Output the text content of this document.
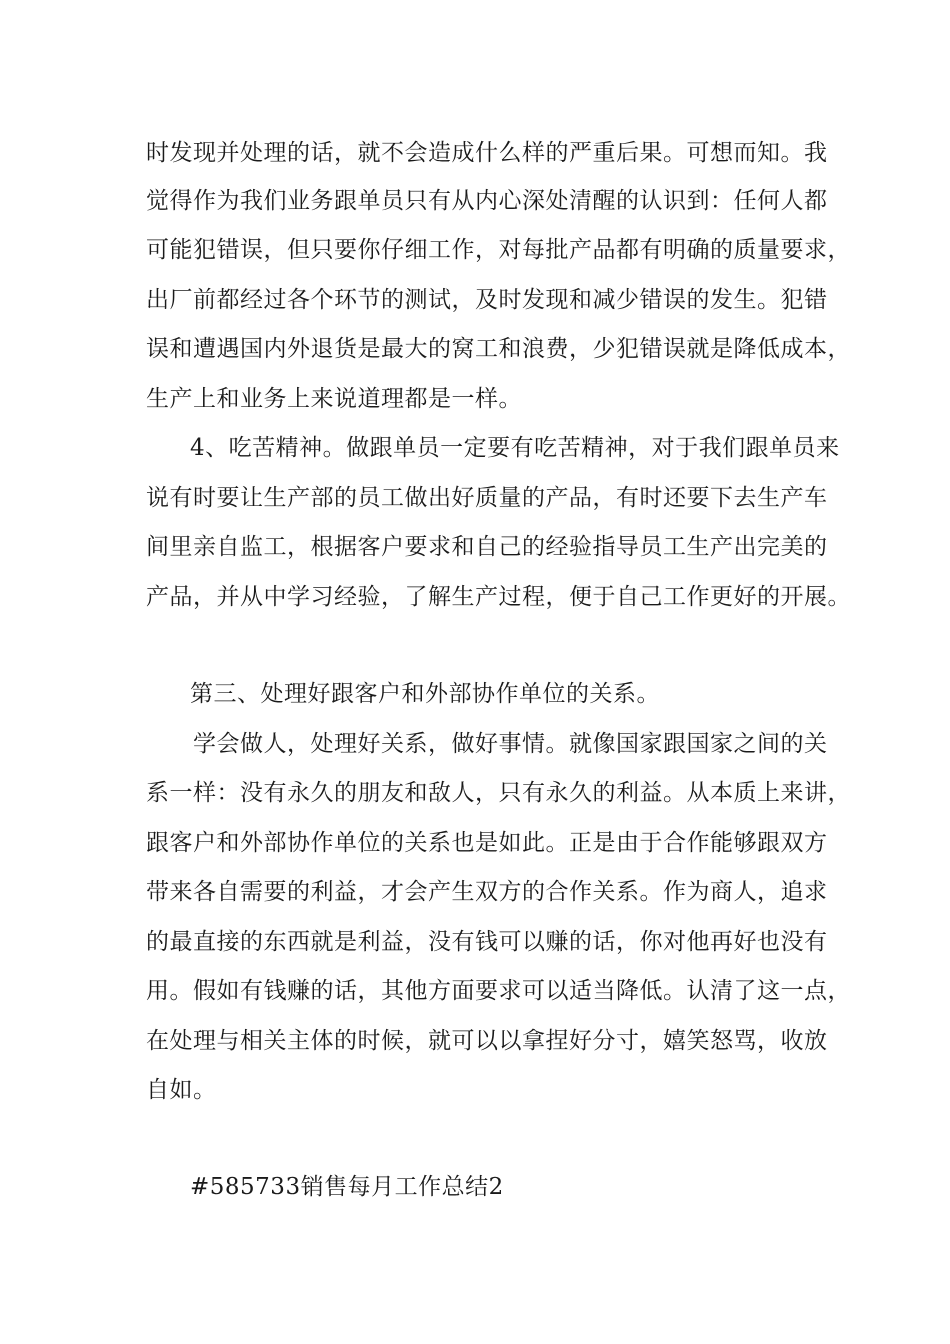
时发现并处理的话，就不会造成什么样的严重后果。可想而知。我
觉得作为我们业务跟单员只有从内心深处清醒的认识到：任何人都
可能犯错误，但只要你仔细工作，对每批产品都有明确的质量要求，
出厂前都经过各个环节的测试，及时发现和减少错误的发生。犯错
误和遭遇国内外退货是最大的窝工和浪费，少犯错误就是降低成本，
生产上和业务上来说道理都是一样。
4、吃苦精神。做跟单员一定要有吃苦精神，对于我们跟单员来
说有时要让生产部的员工做出好质量的产品，有时还要下去生产车
间里亲自监工，根据客户要求和自己的经验指导员工生产出完美的
产品，并从中学习经验，了解生产过程，便于自己工作更好的开展。
第三、处理好跟客户和外部协作单位的关系。
学会做人，处理好关系，做好事情。就像国家跟国家之间的关
系一样：没有永久的朋友和敌人，只有永久的利益。从本质上来讲，
跟客户和外部协作单位的关系也是如此。正是由于合作能够跟双方
带来各自需要的利益，才会产生双方的合作关系。作为商人，追求
的最直接的东西就是利益，没有钱可以赚的话，你对他再好也没有
用。假如有钱赚的话，其他方面要求可以适当降低。认清了这一点，
在处理与相关主体的时候，就可以以拿捏好分寸，嬉笑怒骂，收放
自如。
#585733销售每月工作总结2
